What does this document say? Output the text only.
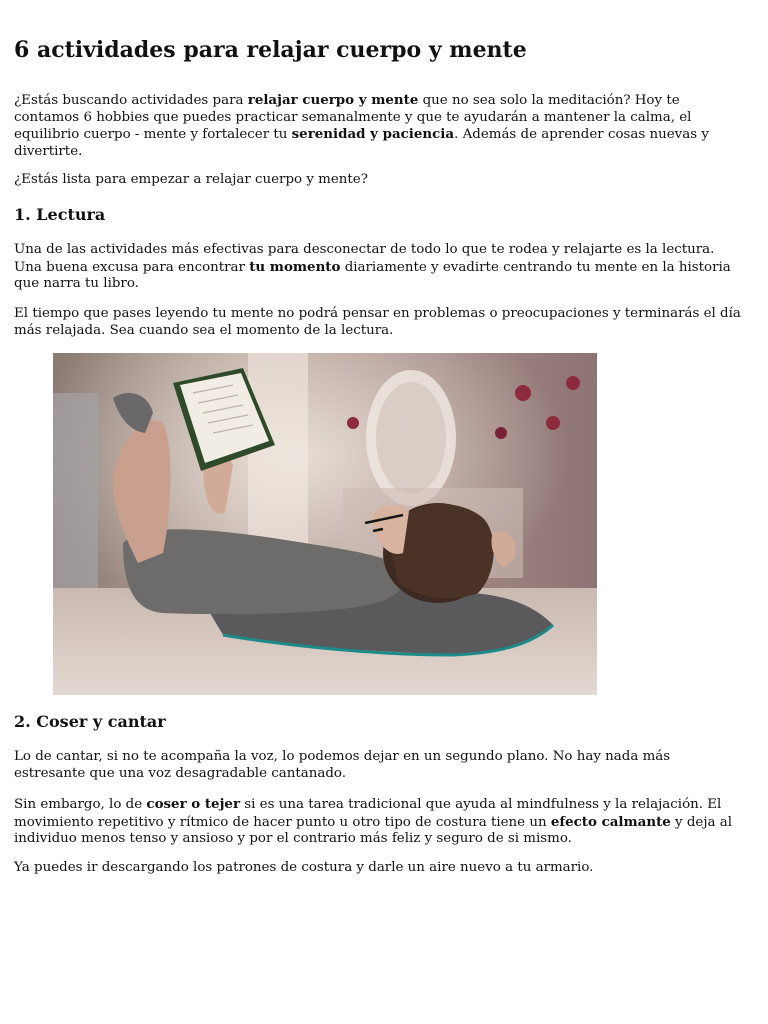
6 actividades para relajar cuerpo y mente

¿Estás buscando actividades para relajar cuerpo y mente que no sea solo la meditación? Hoy te contamos 6 hobbies que puedes practicar semanalmente y que te ayudarán a mantener la calma, el equilibrio cuerpo - mente y fortalecer tu serenidad y paciencia. Además de aprender cosas nuevas y divertirte.

¿Estás lista para empezar a relajar cuerpo y mente?

1. Lectura

Una de las actividades más efectivas para desconectar de todo lo que te rodea y relajarte es la lectura. Una buena excusa para encontrar tu momento diariamente y evadirte centrando tu mente en la historia que narra tu libro.

El tiempo que pases leyendo tu mente no podrá pensar en problemas o preocupaciones y terminarás el día más relajada. Sea cuando sea el momento de la lectura.

2. Coser y cantar

Lo de cantar, si no te acompaña la voz, lo podemos dejar en un segundo plano. No hay nada más estresante que una voz desagradable cantanado.

Sin embargo, lo de coser o tejer si es una tarea tradicional que ayuda al mindfulness y la relajación. El movimiento repetitivo y rítmico de hacer punto u otro tipo de costura tiene un efecto calmante y deja al individuo menos tenso y ansioso y por el contrario más feliz y seguro de si mismo.

Ya puedes ir descargando los patrones de costura y darle un aire nuevo a tu armario.
